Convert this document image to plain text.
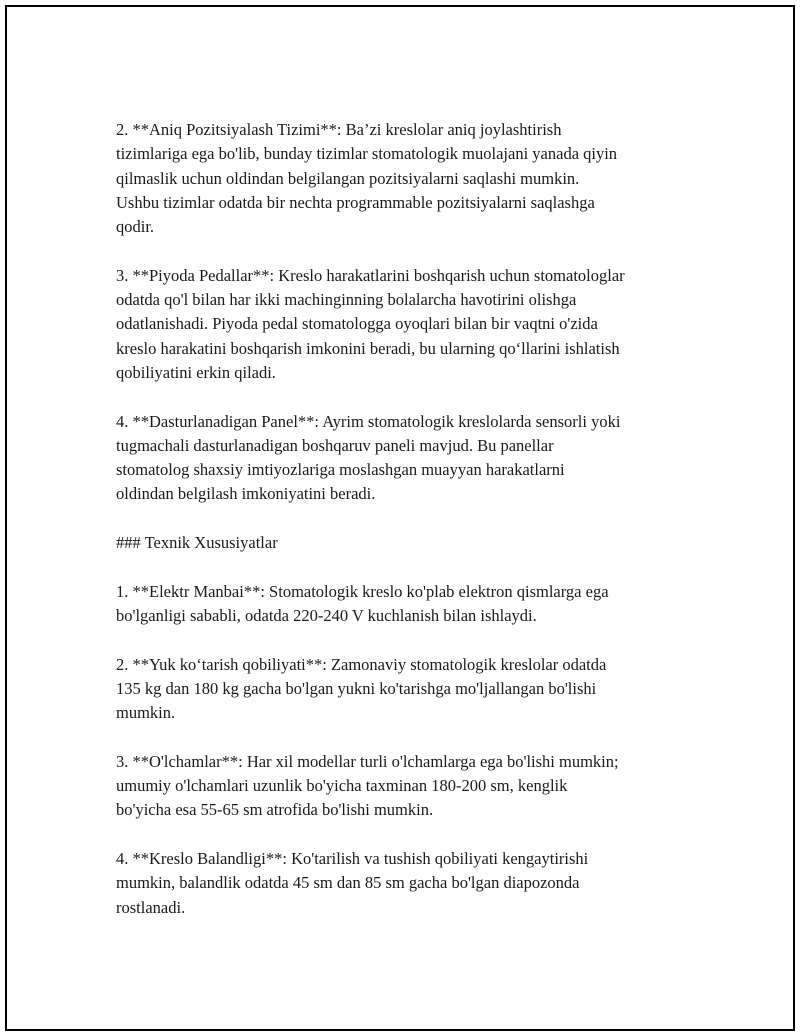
2. **Aniq Pozitsiyalash Tizimi**: Ba’zi kreslolar aniq joylashtirish
tizimlariga ega bo'lib, bunday tizimlar stomatologik muolajani yanada qiyin
qilmaslik uchun oldindan belgilangan pozitsiyalarni saqlashi mumkin.
Ushbu tizimlar odatda bir nechta programmable pozitsiyalarni saqlashga
qodir.

3. **Piyoda Pedallar**: Kreslo harakatlarini boshqarish uchun stomatologlar
odatda qo'l bilan har ikki machinginning bolalarcha havotirini olishga
odatlanishadi. Piyoda pedal stomatologga oyoqlari bilan bir vaqtni o'zida
kreslo harakatini boshqarish imkonini beradi, bu ularning qo‘llarini ishlatish
qobiliyatini erkin qiladi.

4. **Dasturlanadigan Panel**: Ayrim stomatologik kreslolarda sensorli yoki
tugmachali dasturlanadigan boshqaruv paneli mavjud. Bu panellar
stomatolog shaxsiy imtiyozlariga moslashgan muayyan harakatlarni
oldindan belgilash imkoniyatini beradi.

### Texnik Xususiyatlar

1. **Elektr Manbai**: Stomatologik kreslo ko'plab elektron qismlarga ega
bo'lganligi sababli, odatda 220-240 V kuchlanish bilan ishlaydi.

2. **Yuk ko‘tarish qobiliyati**: Zamonaviy stomatologik kreslolar odatda
135 kg dan 180 kg gacha bo'lgan yukni ko'tarishga mo'ljallangan bo'lishi
mumkin.

3. **O'lchamlar**: Har xil modellar turli o'lchamlarga ega bo'lishi mumkin;
umumiy o'lchamlari uzunlik bo'yicha taxminan 180-200 sm, kenglik
bo'yicha esa 55-65 sm atrofida bo'lishi mumkin.

4. **Kreslo Balandligi**: Ko'tarilish va tushish qobiliyati kengaytirishi
mumkin, balandlik odatda 45 sm dan 85 sm gacha bo'lgan diapozonda
rostlanadi.
